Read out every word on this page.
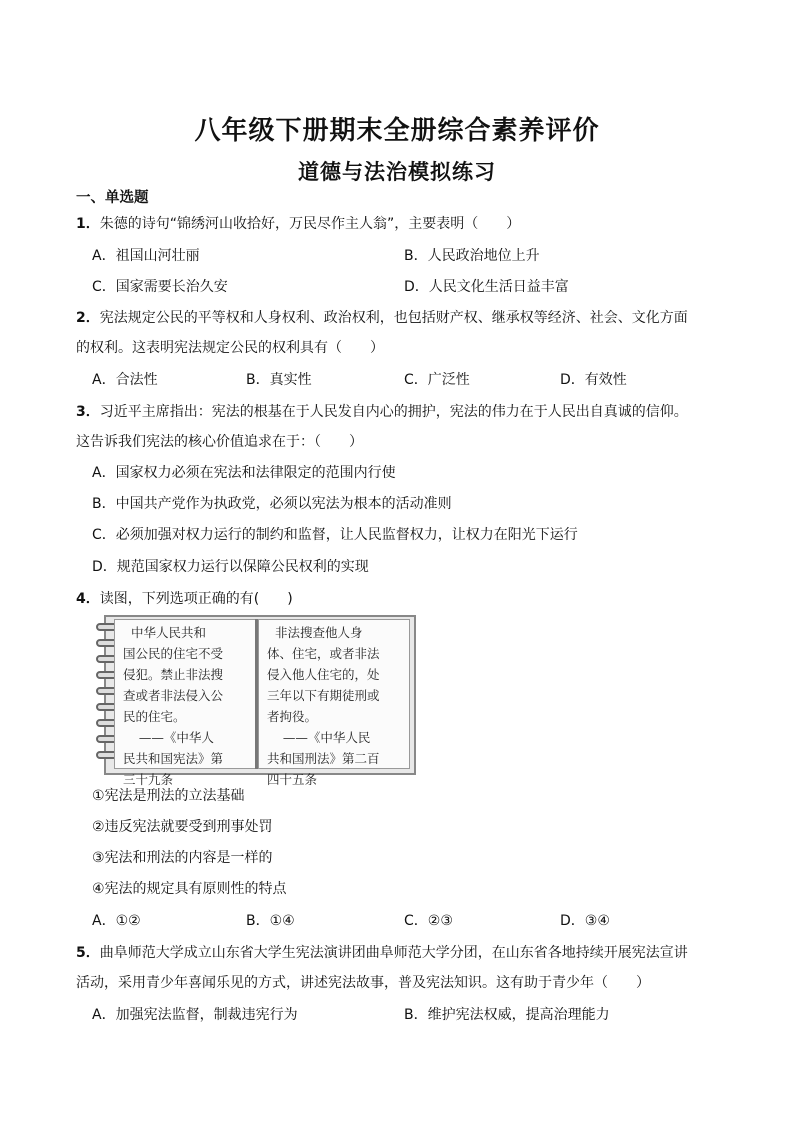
八年级下册期末全册综合素养评价
道德与法治模拟练习
一、单选题
1．朱德的诗句“锦绣河山收拾好，万民尽作主人翁”，主要表明（　　）
A．祖国山河壮丽	B．人民政治地位上升
C．国家需要长治久安	D．人民文化生活日益丰富
2．宪法规定公民的平等权和人身权利、政治权利，也包括财产权、继承权等经济、社会、文化方面
的权利。这表明宪法规定公民的权利具有（　　）
A．合法性	B．真实性	C．广泛性	D．有效性
3．习近平主席指出：宪法的根基在于人民发自内心的拥护，宪法的伟力在于人民出自真诚的信仰。
这告诉我们宪法的核心价值追求在于：（　　）
A．国家权力必须在宪法和法律限定的范围内行使
B．中国共产党作为执政党，必须以宪法为根本的活动准则
C．必须加强对权力运行的制约和监督，让人民监督权力，让权力在阳光下运行
D．规范国家权力运行以保障公民权利的实现
4．读图，下列选项正确的有(　　)
中华人民共和
国公民的住宅不受
侵犯。禁止非法搜
查或者非法侵入公
民的住宅。
——《中华人
民共和国宪法》第
三十九条
非法搜查他人身
体、住宅，或者非法
侵入他人住宅的，处
三年以下有期徒刑或
者拘役。
——《中华人民
共和国刑法》第二百
四十五条
①宪法是刑法的立法基础
②违反宪法就要受到刑事处罚
③宪法和刑法的内容是一样的
④宪法的规定具有原则性的特点
A．①②	B．①④	C．②③	D．③④
5．曲阜师范大学成立山东省大学生宪法演讲团曲阜师范大学分团，在山东省各地持续开展宪法宣讲
活动，采用青少年喜闻乐见的方式，讲述宪法故事，普及宪法知识。这有助于青少年（　　）
A．加强宪法监督，制裁违宪行为	B．维护宪法权威，提高治理能力
